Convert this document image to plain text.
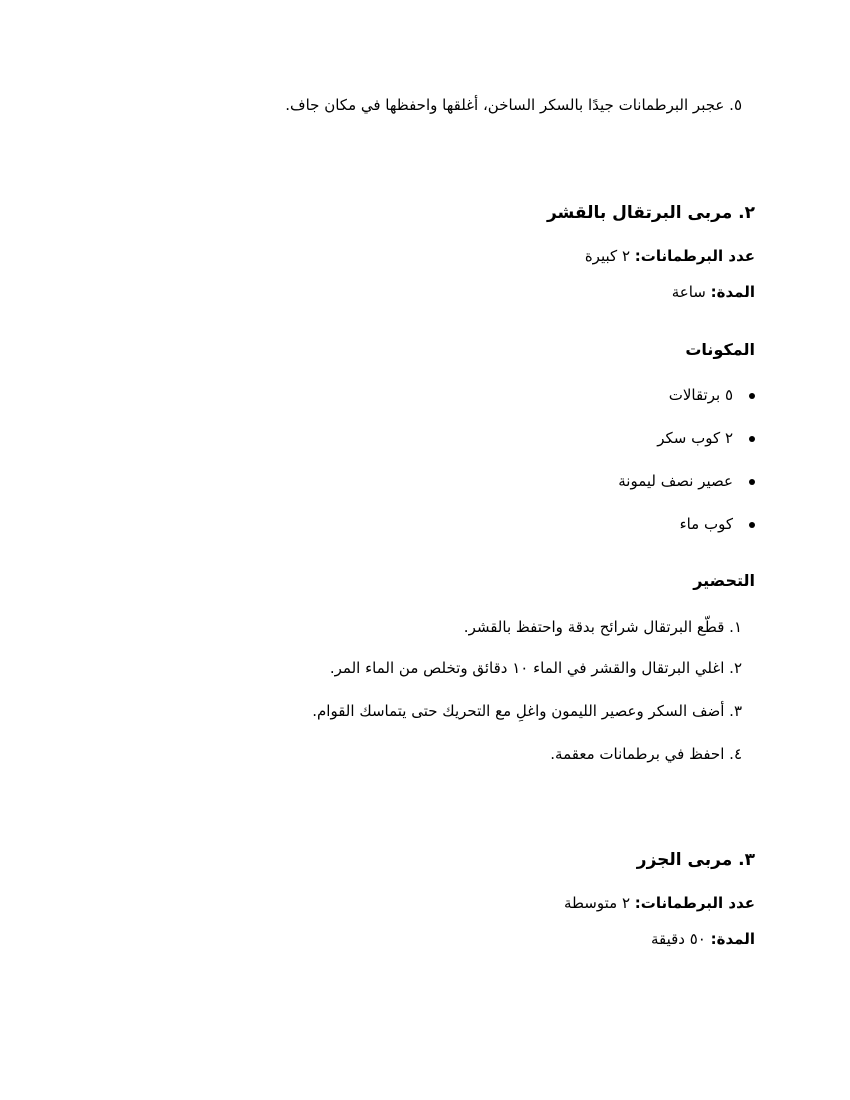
٥. عجبر البرطمانات جيدًا بالسكر الساخن، أغلقها واحفظها في مكان جاف.
٢. مربى البرتقال بالقشر
عدد البرطمانات: ٢ كبيرة
المدة: ساعة
المكونات
٥ برتقالات
٢ كوب سكر
عصير نصف ليمونة
كوب ماء
التحضير
١. قطّع البرتقال شرائح بدقة واحتفظ بالقشر.
٢. اغلي البرتقال والقشر في الماء ١٠ دقائق وتخلص من الماء المر.
٣. أضف السكر وعصير الليمون واغلِ مع التحريك حتى يتماسك القوام.
٤. احفظ في برطمانات معقمة.
٣. مربى الجزر
عدد البرطمانات: ٢ متوسطة
المدة: ٥٠ دقيقة
